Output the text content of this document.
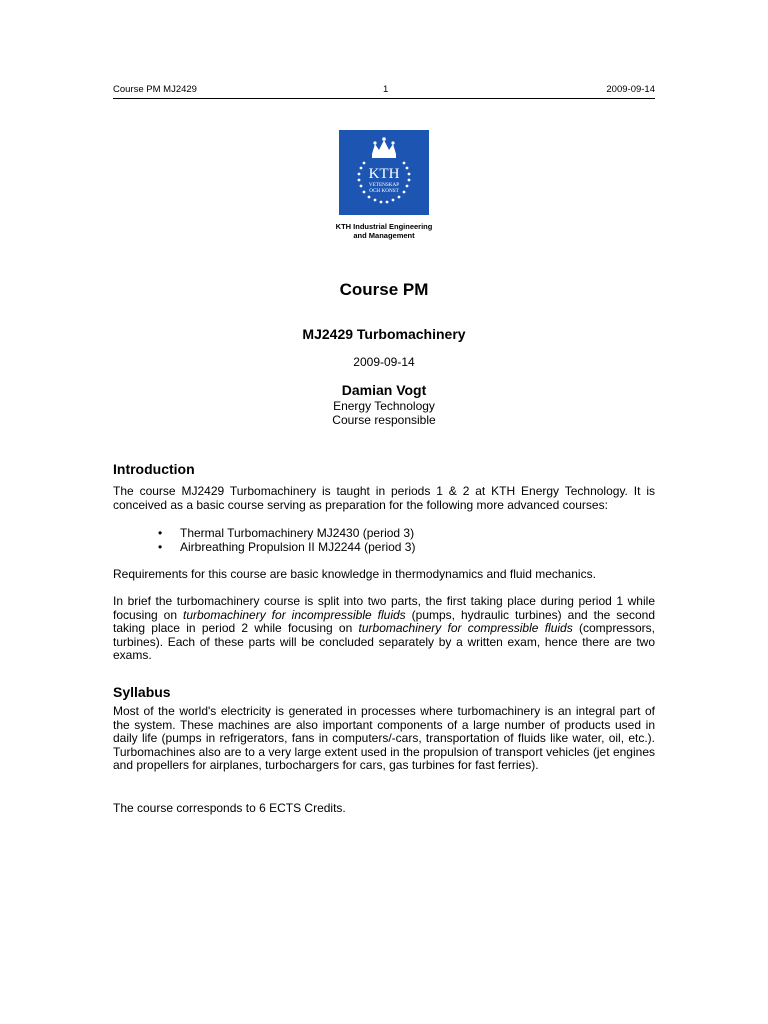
Course PM MJ2429	1	2009-09-14
KTH
VETENSKAP
OCH KONST
KTH Industrial Engineering
and Management
Course PM
MJ2429 Turbomachinery
2009-09-14
Damian Vogt
Energy Technology
Course responsible
Introduction

The course MJ2429 Turbomachinery is taught in periods 1 & 2 at KTH Energy Technology. It is conceived as a basic course serving as preparation for the following more advanced courses:

• Thermal Turbomachinery MJ2430 (period 3)
• Airbreathing Propulsion II MJ2244 (period 3)

Requirements for this course are basic knowledge in thermodynamics and fluid mechanics.

In brief the turbomachinery course is split into two parts, the first taking place during period 1 while focusing on turbomachinery for incompressible fluids (pumps, hydraulic turbines) and the second taking place in period 2 while focusing on turbomachinery for compressible fluids (compressors, turbines). Each of these parts will be concluded separately by a written exam, hence there are two exams.

Syllabus

Most of the world's electricity is generated in processes where turbomachinery is an integral part of the system. These machines are also important components of a large number of products used in daily life (pumps in refrigerators, fans in computers/-cars, transportation of fluids like water, oil, etc.). Turbomachines also are to a very large extent used in the propulsion of transport vehicles (jet engines and propellers for airplanes, turbochargers for cars, gas turbines for fast ferries).

The course corresponds to 6 ECTS Credits.
